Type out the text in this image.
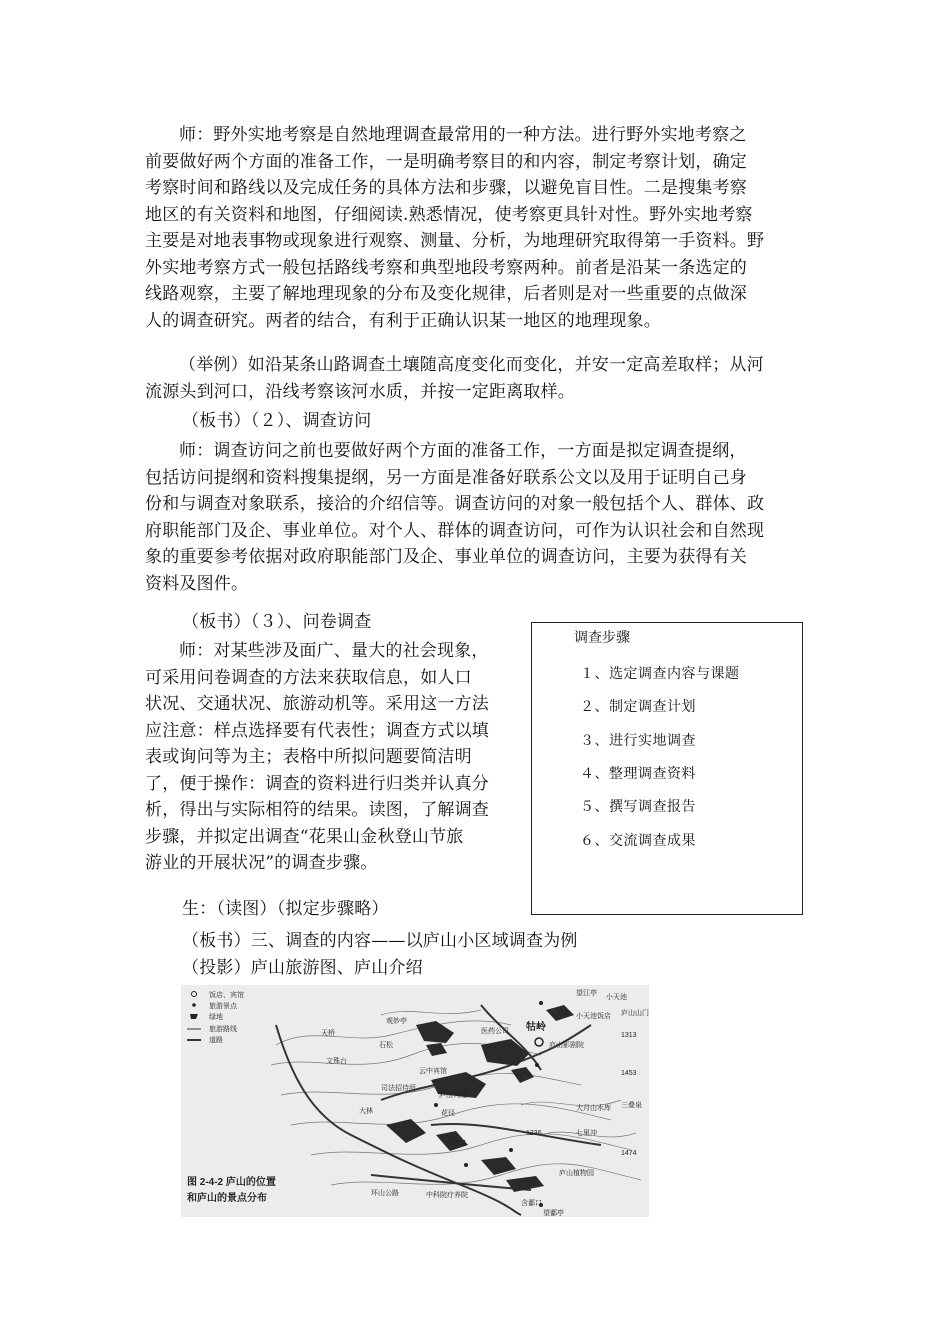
师：野外实地考察是自然地理调查最常用的一种方法。进行野外实地考察之
前要做好两个方面的准备工作，一是明确考察目的和内容，制定考察计划，确定
考察时间和路线以及完成任务的具体方法和步骤，以避免盲目性。二是搜集考察
地区的有关资料和地图，仔细阅读.熟悉情况，使考察更具针对性。野外实地考察
主要是对地表事物或现象进行观察、测量、分析，为地理研究取得第一手资料。野
外实地考察方式一般包括路线考察和典型地段考察两种。前者是沿某一条选定的
线路观察，主要了解地理现象的分布及变化规律，后者则是对一些重要的点做深
人的调查研究。两者的结合，有利于正确认识某一地区的地理现象。
（举例）如沿某条山路调查土壤随高度变化而变化，并安一定高差取样；从河
流源头到河口，沿线考察该河水质，并按一定距离取样。
（板书）（２）、调查访问
师：调查访问之前也要做好两个方面的准备工作，一方面是拟定调查提纲，
包括访问提纲和资料搜集提纲，另一方面是准备好联系公文以及用于证明自己身
份和与调查对象联系，接洽的介绍信等。调查访问的对象一般包括个人、群体、政
府职能部门及企、事业单位。对个人、群体的调查访问，可作为认识社会和自然现
象的重要参考依据对政府职能部门及企、事业单位的调查访问，主要为获得有关
资料及图件。
（板书）（３）、问卷调查
师：对某些涉及面广、量大的社会现象，
可采用问卷调查的方法来获取信息，如人口
状况、交通状况、旅游动机等。采用这一方法
应注意：样点选择要有代表性；调查方式以填
表或询问等为主；表格中所拟问题要简洁明
了，便于操作：调查的资料进行归类并认真分
析，得出与实际相符的结果。读图，了解调查
步骤，并拟定出调查“花果山金秋登山节旅
游业的开展状况”的调查步骤。
调查步骤
１、选定调查内容与课题
２、制定调查计划
３、进行实地调查
４、整理调查资料
５、撰写调查报告
６、交流调查成果
生：（读图）（拟定步骤略）
（板书）三、调查的内容——以庐山小区域调查为例
（投影）庐山旅游图、庐山介绍
饭店、宾馆
旅游景点
绿地
旅游路线
道路
望江亭
小天池
庐山山门
小天池饭店
庐山影剧院
医药公司 牯岭
观妙亭
石松
云中宾馆
司法招待所
文殊台
天桥
庐山大厦
大林	花径
大月山水库
七里冲
三叠泉
庐山植物园
含鄱口
环山公路	中科院疗养院
1453
1474
1236
1071
1313
望鄱亭
图 2-4-2 庐山的位置
和庐山的景点分布
